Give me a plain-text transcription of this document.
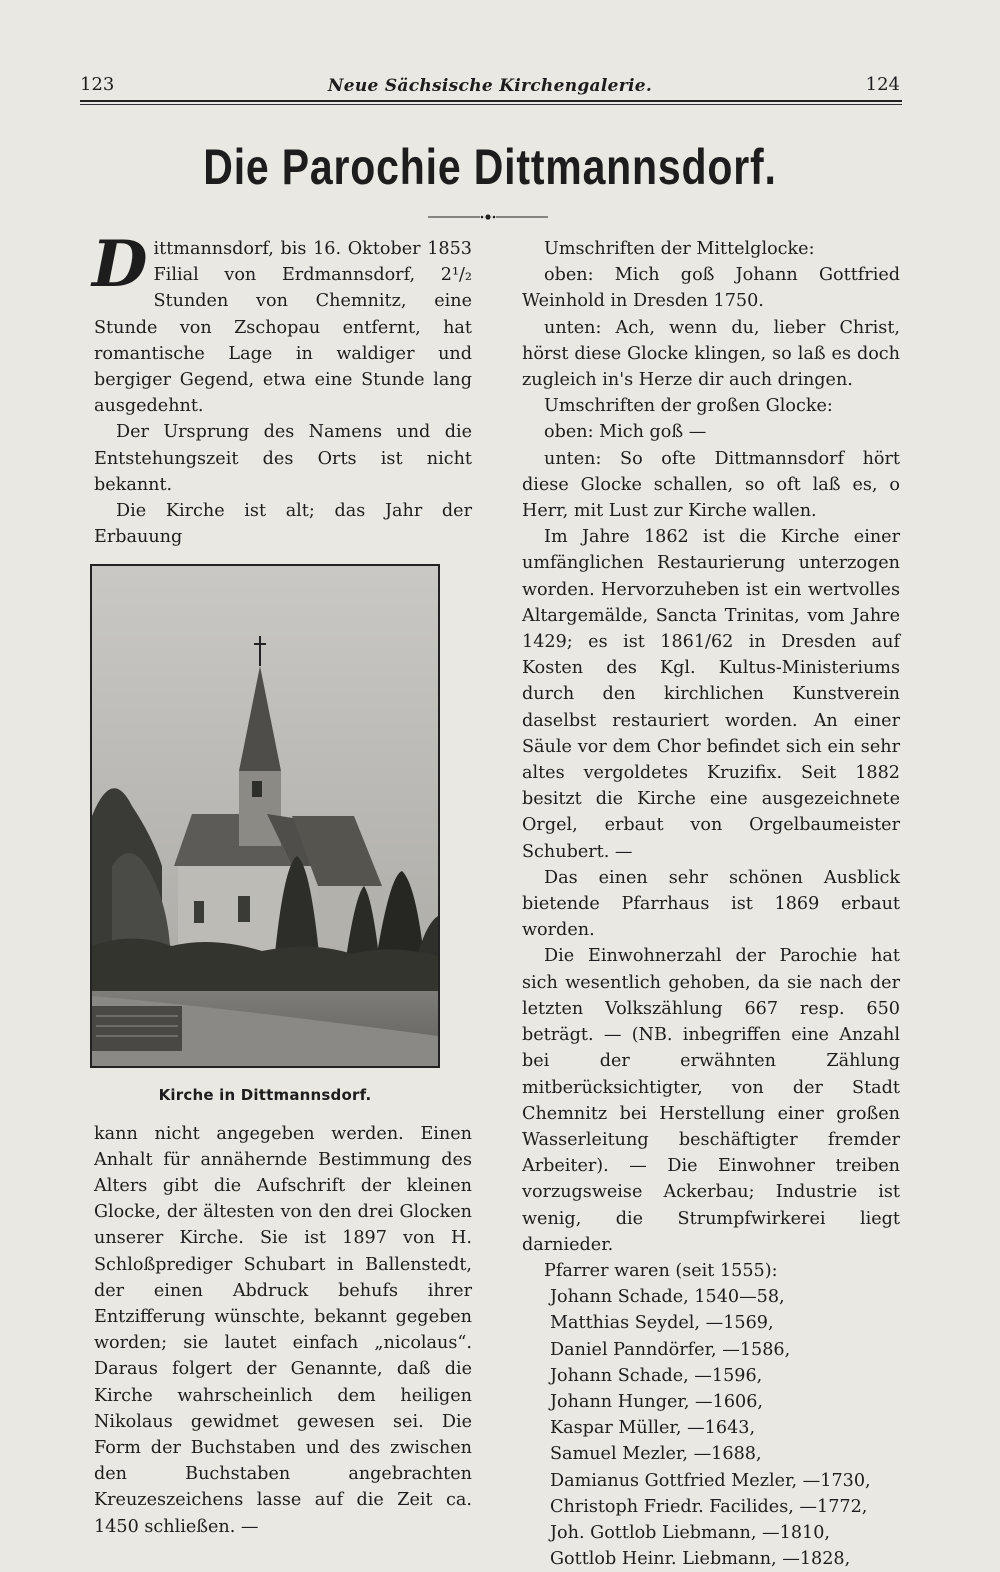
123	Neue Sächsische Kirchengalerie.	124
Die Parochie Dittmannsdorf.

Dittmannsdorf, bis 16. Oktober 1853 Filial von Erdmannsdorf, 2¹/₂ Stunden von Chemnitz, eine Stunde von Zschopau entfernt, hat romantische Lage in waldiger und bergiger Gegend, etwa eine Stunde lang ausgedehnt.

Der Ursprung des Namens und die Entstehungszeit des Orts ist nicht bekannt.

Die Kirche ist alt; das Jahr der Erbauung

Kirche in Dittmannsdorf.

kann nicht angegeben werden. Einen Anhalt für annähernde Bestimmung des Alters gibt die Aufschrift der kleinen Glocke, der ältesten von den drei Glocken unserer Kirche. Sie ist 1897 von H. Schloßprediger Schubart in Ballenstedt, der einen Abdruck behufs ihrer Entzifferung wünschte, bekannt gegeben worden; sie lautet einfach „nicolaus“. Daraus folgert der Genannte, daß die Kirche wahrscheinlich dem heiligen Nikolaus gewidmet gewesen sei. Die Form der Buchstaben und des zwischen den Buchstaben angebrachten Kreuzeszeichens lasse auf die Zeit ca. 1450 schließen. —

Umschriften der Mittelglocke:

oben: Mich goß Johann Gottfried Weinhold in Dresden 1750.

unten: Ach, wenn du, lieber Christ, hörst diese Glocke klingen, so laß es doch zugleich in's Herze dir auch dringen.

Umschriften der großen Glocke:

oben: Mich goß —

unten: So ofte Dittmannsdorf hört diese Glocke schallen, so oft laß es, o Herr, mit Lust zur Kirche wallen.

Im Jahre 1862 ist die Kirche einer umfänglichen Restaurierung unterzogen worden. Hervorzuheben ist ein wertvolles Altargemälde, Sancta Trinitas, vom Jahre 1429; es ist 1861/62 in Dresden auf Kosten des Kgl. Kultus-Ministeriums durch den kirchlichen Kunstverein daselbst restauriert worden. An einer Säule vor dem Chor befindet sich ein sehr altes vergoldetes Kruzifix. Seit 1882 besitzt die Kirche eine ausgezeichnete Orgel, erbaut von Orgelbaumeister Schubert. —

Das einen sehr schönen Ausblick bietende Pfarrhaus ist 1869 erbaut worden.

Die Einwohnerzahl der Parochie hat sich wesentlich gehoben, da sie nach der letzten Volkszählung 667 resp. 650 beträgt. — (NB. inbegriffen eine Anzahl bei der erwähnten Zählung mitberücksichtigter, von der Stadt Chemnitz bei Herstellung einer großen Wasserleitung beschäftigter fremder Arbeiter). — Die Einwohner treiben vorzugsweise Ackerbau; Industrie ist wenig, die Strumpfwirkerei liegt darnieder.

Pfarrer waren (seit 1555):

Johann Schade, 1540—58,

Matthias Seydel, —1569,

Daniel Panndörfer, —1586,

Johann Schade, —1596,

Johann Hunger, —1606,

Kaspar Müller, —1643,

Samuel Mezler, —1688,

Damianus Gottfried Mezler, —1730,

Christoph Friedr. Facilides, —1772,

Joh. Gottlob Liebmann, —1810,

Gottlob Heinr. Liebmann, —1828,
